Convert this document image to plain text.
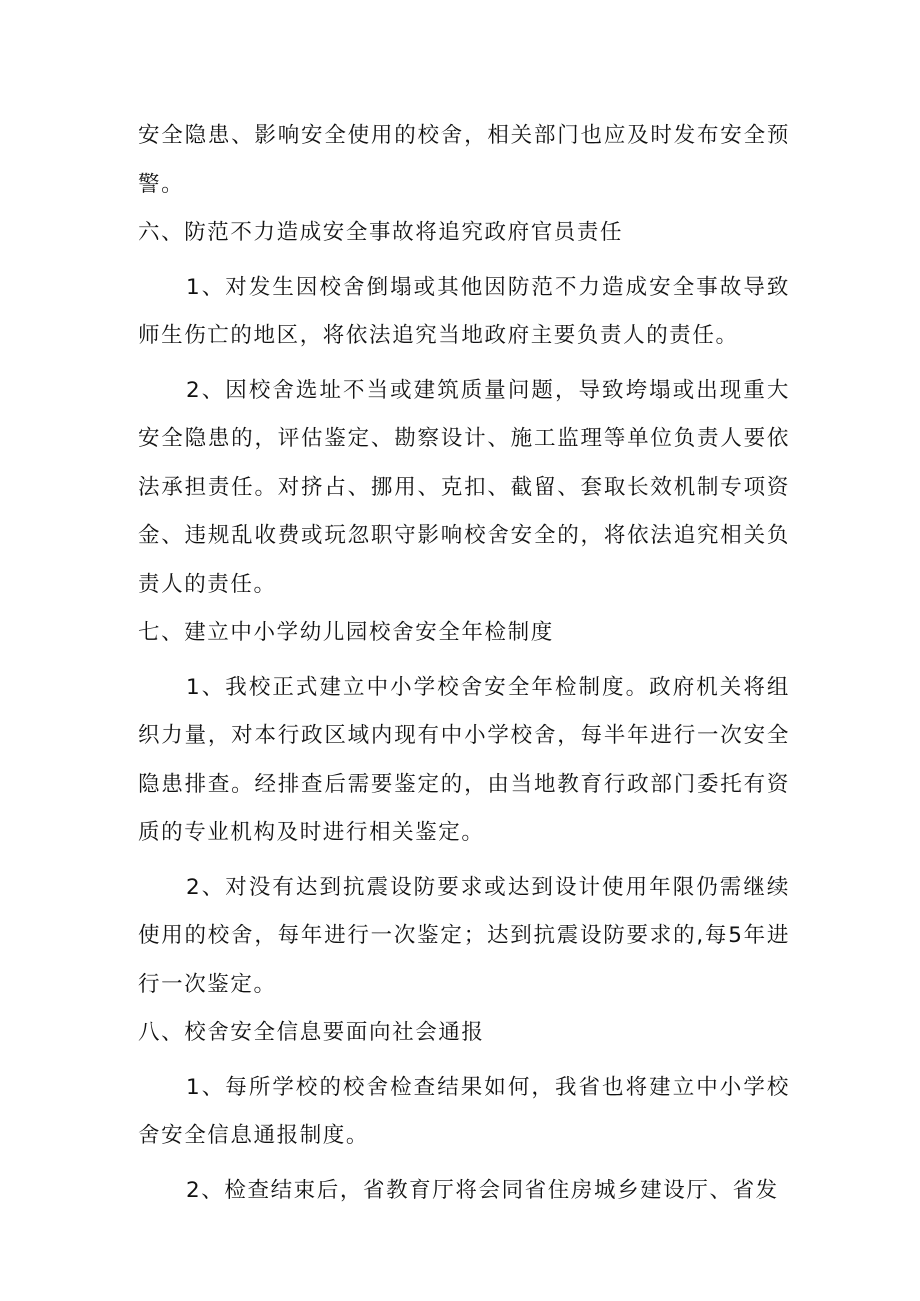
安全隐患、影响安全使用的校舍，相关部门也应及时发布安全预警。

六、防范不力造成安全事故将追究政府官员责任

1、对发生因校舍倒塌或其他因防范不力造成安全事故导致师生伤亡的地区，将依法追究当地政府主要负责人的责任。

2、因校舍选址不当或建筑质量问题，导致垮塌或出现重大安全隐患的，评估鉴定、勘察设计、施工监理等单位负责人要依法承担责任。对挤占、挪用、克扣、截留、套取长效机制专项资金、违规乱收费或玩忽职守影响校舍安全的，将依法追究相关负责人的责任。

七、建立中小学幼儿园校舍安全年检制度

1、我校正式建立中小学校舍安全年检制度。政府机关将组织力量，对本行政区域内现有中小学校舍，每半年进行一次安全隐患排查。经排查后需要鉴定的，由当地教育行政部门委托有资质的专业机构及时进行相关鉴定。

2、对没有达到抗震设防要求或达到设计使用年限仍需继续使用的校舍，每年进行一次鉴定；达到抗震设防要求的,每5年进行一次鉴定。

八、校舍安全信息要面向社会通报

1、每所学校的校舍检查结果如何，我省也将建立中小学校舍安全信息通报制度。

2、检查结束后，省教育厅将会同省住房城乡建设厅、省发
